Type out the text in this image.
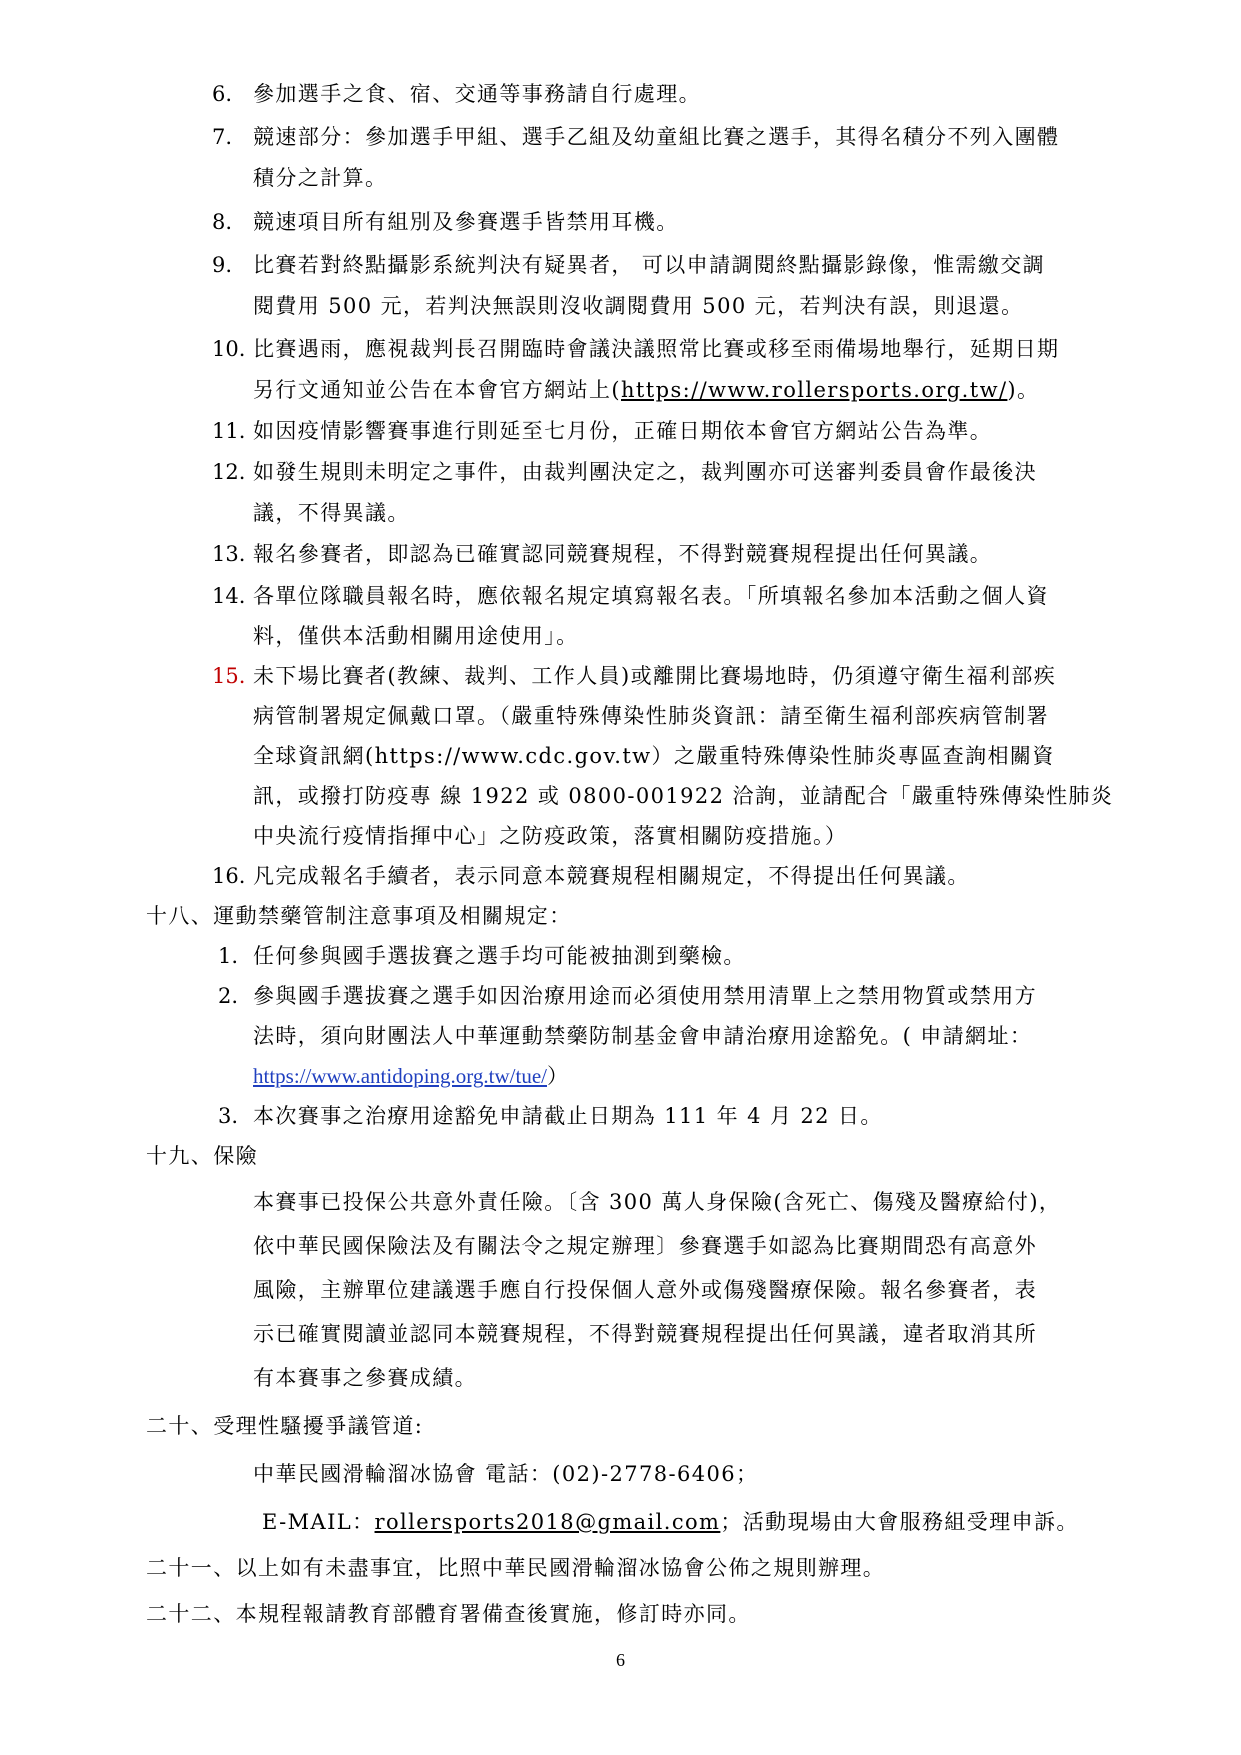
6. 參加選手之食、宿、交通等事務請自行處理。
7. 競速部分：參加選手甲組、選手乙組及幼童組比賽之選手，其得名積分不列入團體
積分之計算。
8. 競速項目所有組別及參賽選手皆禁用耳機。
9. 比賽若對終點攝影系統判決有疑異者， 可以申請調閱終點攝影錄像，惟需繳交調
閱費用 500 元，若判決無誤則沒收調閱費用 500 元，若判決有誤，則退還。
10. 比賽遇雨，應視裁判長召開臨時會議決議照常比賽或移至雨備場地舉行，延期日期
另行文通知並公告在本會官方網站上(https://www.rollersports.org.tw/)。
11. 如因疫情影響賽事進行則延至七月份，正確日期依本會官方網站公告為準。
12. 如發生規則未明定之事件，由裁判團決定之，裁判團亦可送審判委員會作最後決
議，不得異議。
13. 報名參賽者，即認為已確實認同競賽規程，不得對競賽規程提出任何異議。
14. 各單位隊職員報名時，應依報名規定填寫報名表。「所填報名參加本活動之個人資
料，僅供本活動相關用途使用」。
15. 未下場比賽者(教練、裁判、工作人員)或離開比賽場地時，仍須遵守衛生福利部疾
病管制署規定佩戴口罩。（嚴重特殊傳染性肺炎資訊：請至衛生福利部疾病管制署
全球資訊網(https://www.cdc.gov.tw）之嚴重特殊傳染性肺炎專區查詢相關資
訊，或撥打防疫專 線 1922 或 0800-001922 洽詢，並請配合「嚴重特殊傳染性肺炎
中央流行疫情指揮中心」之防疫政策，落實相關防疫措施。）
16. 凡完成報名手續者，表示同意本競賽規程相關規定，不得提出任何異議。
十八、運動禁藥管制注意事項及相關規定：
1. 任何參與國手選拔賽之選手均可能被抽測到藥檢。
2. 參與國手選拔賽之選手如因治療用途而必須使用禁用清單上之禁用物質或禁用方
法時，須向財團法人中華運動禁藥防制基金會申請治療用途豁免。( 申請網址：
https://www.antidoping.org.tw/tue/）
3. 本次賽事之治療用途豁免申請截止日期為 111 年 4 月 22 日。
十九、保險
本賽事已投保公共意外責任險。〔含 300 萬人身保險(含死亡、傷殘及醫療給付)，
依中華民國保險法及有關法令之規定辦理〕參賽選手如認為比賽期間恐有高意外
風險，主辦單位建議選手應自行投保個人意外或傷殘醫療保險。報名參賽者，表
示已確實閱讀並認同本競賽規程，不得對競賽規程提出任何異議，違者取消其所
有本賽事之參賽成績。
二十、受理性騷擾爭議管道:
中華民國滑輪溜冰協會 電話：(02)-2778-6406；
E-MAIL：rollersports2018@gmail.com；活動現場由大會服務組受理申訴。
二十一、以上如有未盡事宜，比照中華民國滑輪溜冰協會公佈之規則辦理。
二十二、本規程報請教育部體育署備查後實施，修訂時亦同。
6
